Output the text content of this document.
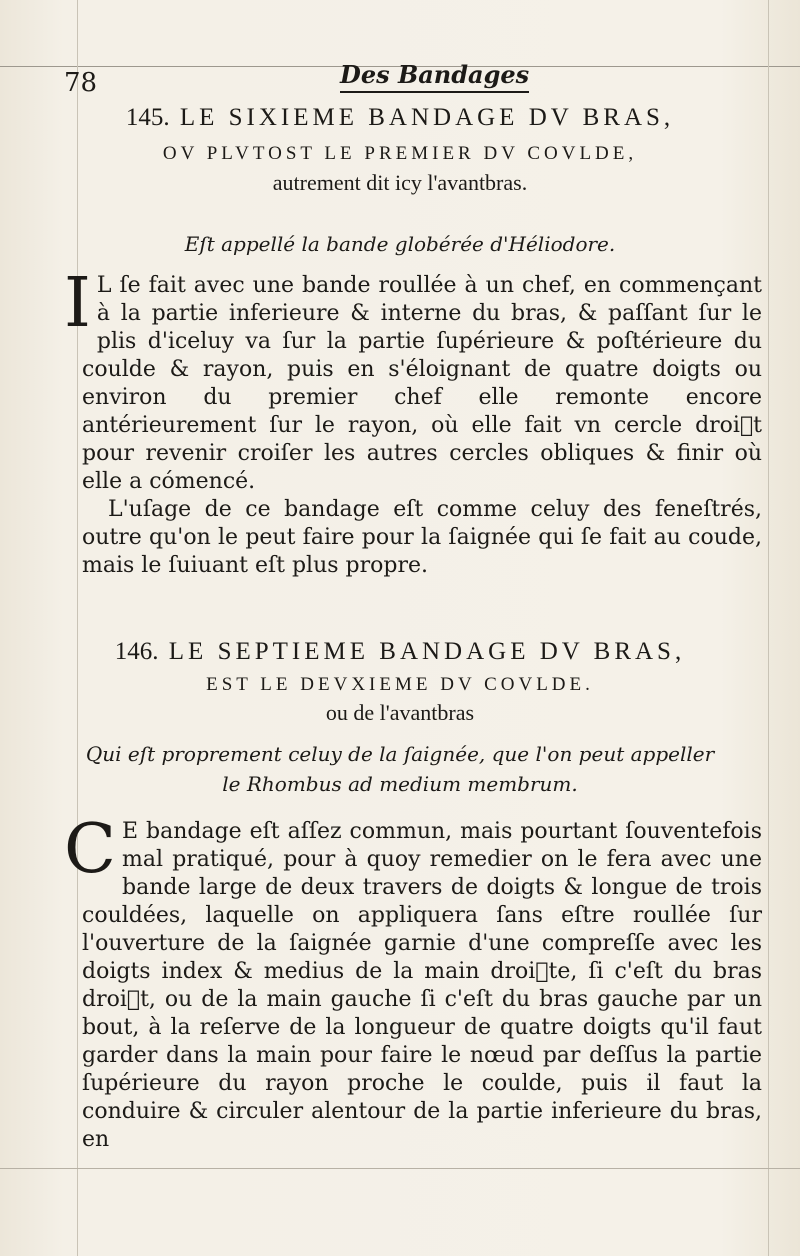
78	Des Bandages
145. LE SIXIEME BANDAGE DV BRAS,
OV PLVTOST LE PREMIER DV COVLDE,
autrement dit icy l'avantbras.
Eſt appellé la bande globérée d'Héliodore.

I L ſe fait avec une bande roullée à un chef, en commençant à la partie inferieure & interne du bras, & paſſant ſur le plis d'iceluy va ſur la partie ſupérieure & poſtérieure du coulde & rayon, puis en s'éloignant de quatre doigts ou environ du premier chef elle remonte encore antérieurement ſur le rayon, où elle fait vn cercle droiᷓt pour revenir croiſer les autres cercles obliques & finir où elle a cómencé.

L'uſage de ce bandage eſt comme celuy des feneſtrés, outre qu'on le peut faire pour la ſaignée qui ſe fait au coude, mais le ſuiuant eſt plus propre.

146. LE SEPTIEME BANDAGE DV BRAS,
EST LE DEVXIEME DV COVLDE.
ou de l'avantbras
Qui eſt proprement celuy de la ſaignée, que l'on peut appeller
le Rhombus ad medium membrum.

C E bandage eſt aſſez commun, mais pourtant ſouventefois mal pratiqué, pour à quoy remedier on le fera avec une bande large de deux travers de doigts & longue de trois couldées, laquelle on appliquera ſans eſtre roullée ſur l'ouverture de la ſaignée garnie d'une compreſſe avec les doigts index & medius de la main droiᷓte, ſi c'eſt du bras droiᷓt, ou de la main gauche ſi c'eſt du bras gauche par un bout, à la reſerve de la longueur de quatre doigts qu'il faut garder dans la main pour faire le nœud par deſſus la partie ſupérieure du rayon proche le coulde, puis il faut la conduire & circuler alentour de la partie inferieure du bras, en
